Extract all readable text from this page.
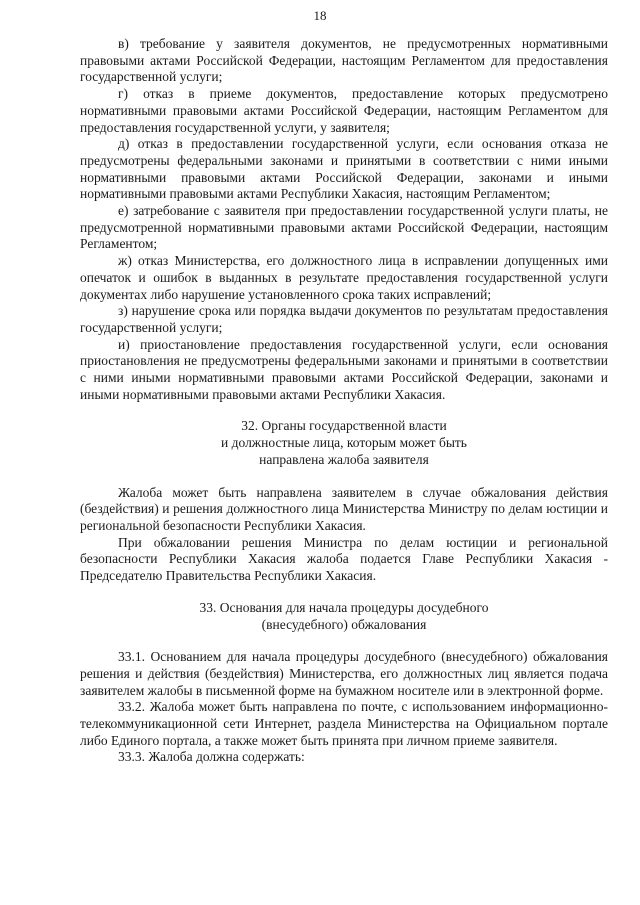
18

в) требование у заявителя документов, не предусмотренных нормативными правовыми актами Российской Федерации, настоящим Регламентом для предоставления государственной услуги;

г) отказ в приеме документов, предоставление которых предусмотрено нормативными правовыми актами Российской Федерации, настоящим Регламентом для предоставления государственной услуги, у заявителя;

д) отказ в предоставлении государственной услуги, если основания отказа не предусмотрены федеральными законами и принятыми в соответствии с ними иными нормативными правовыми актами Российской Федерации, законами и иными нормативными правовыми актами Республики Хакасия, настоящим Регламентом;

е) затребование с заявителя при предоставлении государственной услуги платы, не предусмотренной нормативными правовыми актами Российской Федерации, настоящим Регламентом;

ж) отказ Министерства, его должностного лица в исправлении допущенных ими опечаток и ошибок в выданных в результате предоставления государственной услуги документах либо нарушение установленного срока таких исправлений;

з) нарушение срока или порядка выдачи документов по результатам предоставления государственной услуги;

и) приостановление предоставления государственной услуги, если основания приостановления не предусмотрены федеральными законами и принятыми в соответствии с ними иными нормативными правовыми актами Российской Федерации, законами и иными нормативными правовыми актами Республики Хакасия.

32. Органы государственной власти
и должностные лица, которым может быть
направлена жалоба заявителя

Жалоба может быть направлена заявителем в случае обжалования действия (бездействия) и решения должностного лица Министерства Министру по делам юстиции и региональной безопасности Республики Хакасия.

При обжаловании решения Министра по делам юстиции и региональной безопасности Республики Хакасия жалоба подается Главе Республики Хакасия - Председателю Правительства Республики Хакасия.

33. Основания для начала процедуры досудебного
(внесудебного) обжалования

33.1. Основанием для начала процедуры досудебного (внесудебного) обжалования решения и действия (бездействия) Министерства, его должностных лиц является подача заявителем жалобы в письменной форме на бумажном носителе или в электронной форме.

33.2. Жалоба может быть направлена по почте, с использованием информационно-телекоммуникационной сети Интернет, раздела Министерства на Официальном портале либо Единого портала, а также может быть принята при личном приеме заявителя.

33.3. Жалоба должна содержать:
